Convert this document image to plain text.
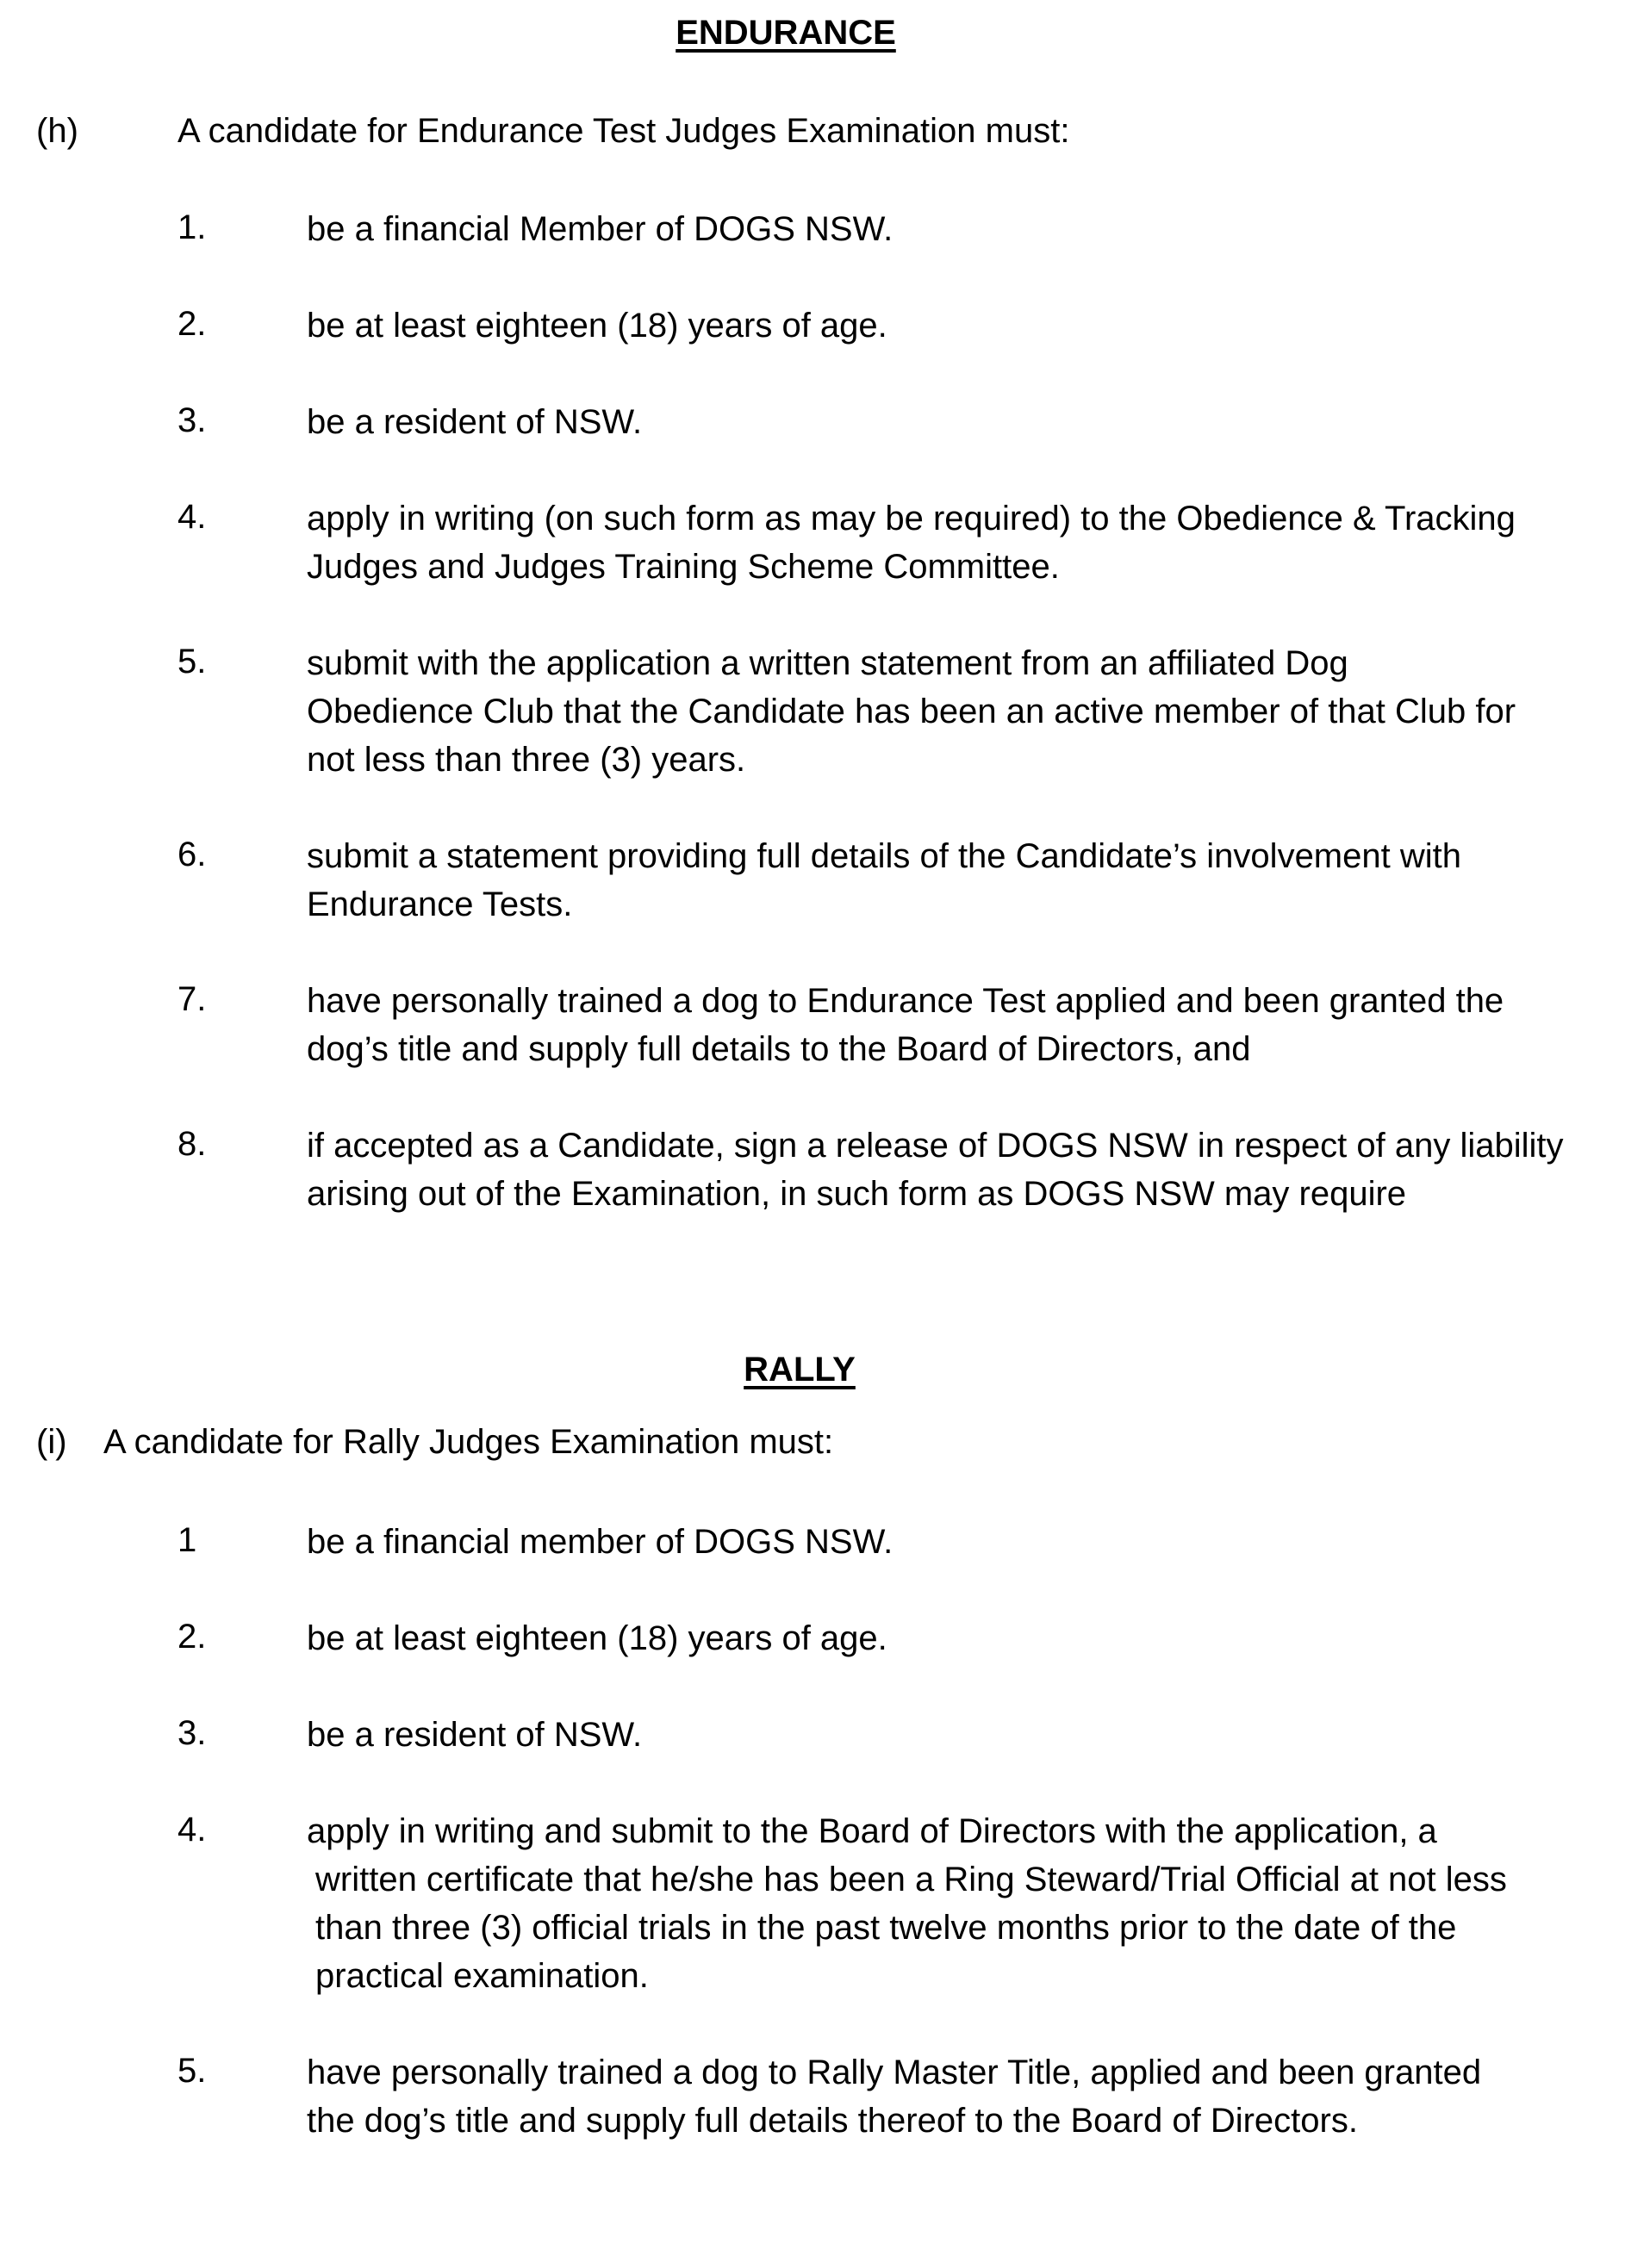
ENDURANCE
(h)	A candidate for Endurance Test Judges Examination must:
1.	be a financial Member of DOGS NSW.
2.	be at least eighteen (18) years of age.
3.	be a resident of NSW.
4.	apply in writing (on such form as may be required) to the Obedience & Tracking
Judges and Judges Training Scheme Committee.
5.	submit with the application a written statement from an affiliated Dog
Obedience Club that the Candidate has been an active member of that Club for
not less than three (3) years.
6.	submit a statement providing full details of the Candidate’s involvement with
Endurance Tests.
7.	have personally trained a dog to Endurance Test applied and been granted the
dog’s title and supply full details to the Board of Directors, and
8.	if accepted as a Candidate, sign a release of DOGS NSW in respect of any liability
arising out of the Examination, in such form as DOGS NSW may require
RALLY
(i) A candidate for Rally Judges Examination must:
1	be a financial member of DOGS NSW.
2.	be at least eighteen (18) years of age.
3.	be a resident of NSW.
4.	apply in writing and submit to the Board of Directors with the application, a
written certificate that he/she has been a Ring Steward/Trial Official at not less
than three (3) official trials in the past twelve months prior to the date of the
practical examination.
5.	have personally trained a dog to Rally Master Title, applied and been granted
the dog’s title and supply full details thereof to the Board of Directors.
